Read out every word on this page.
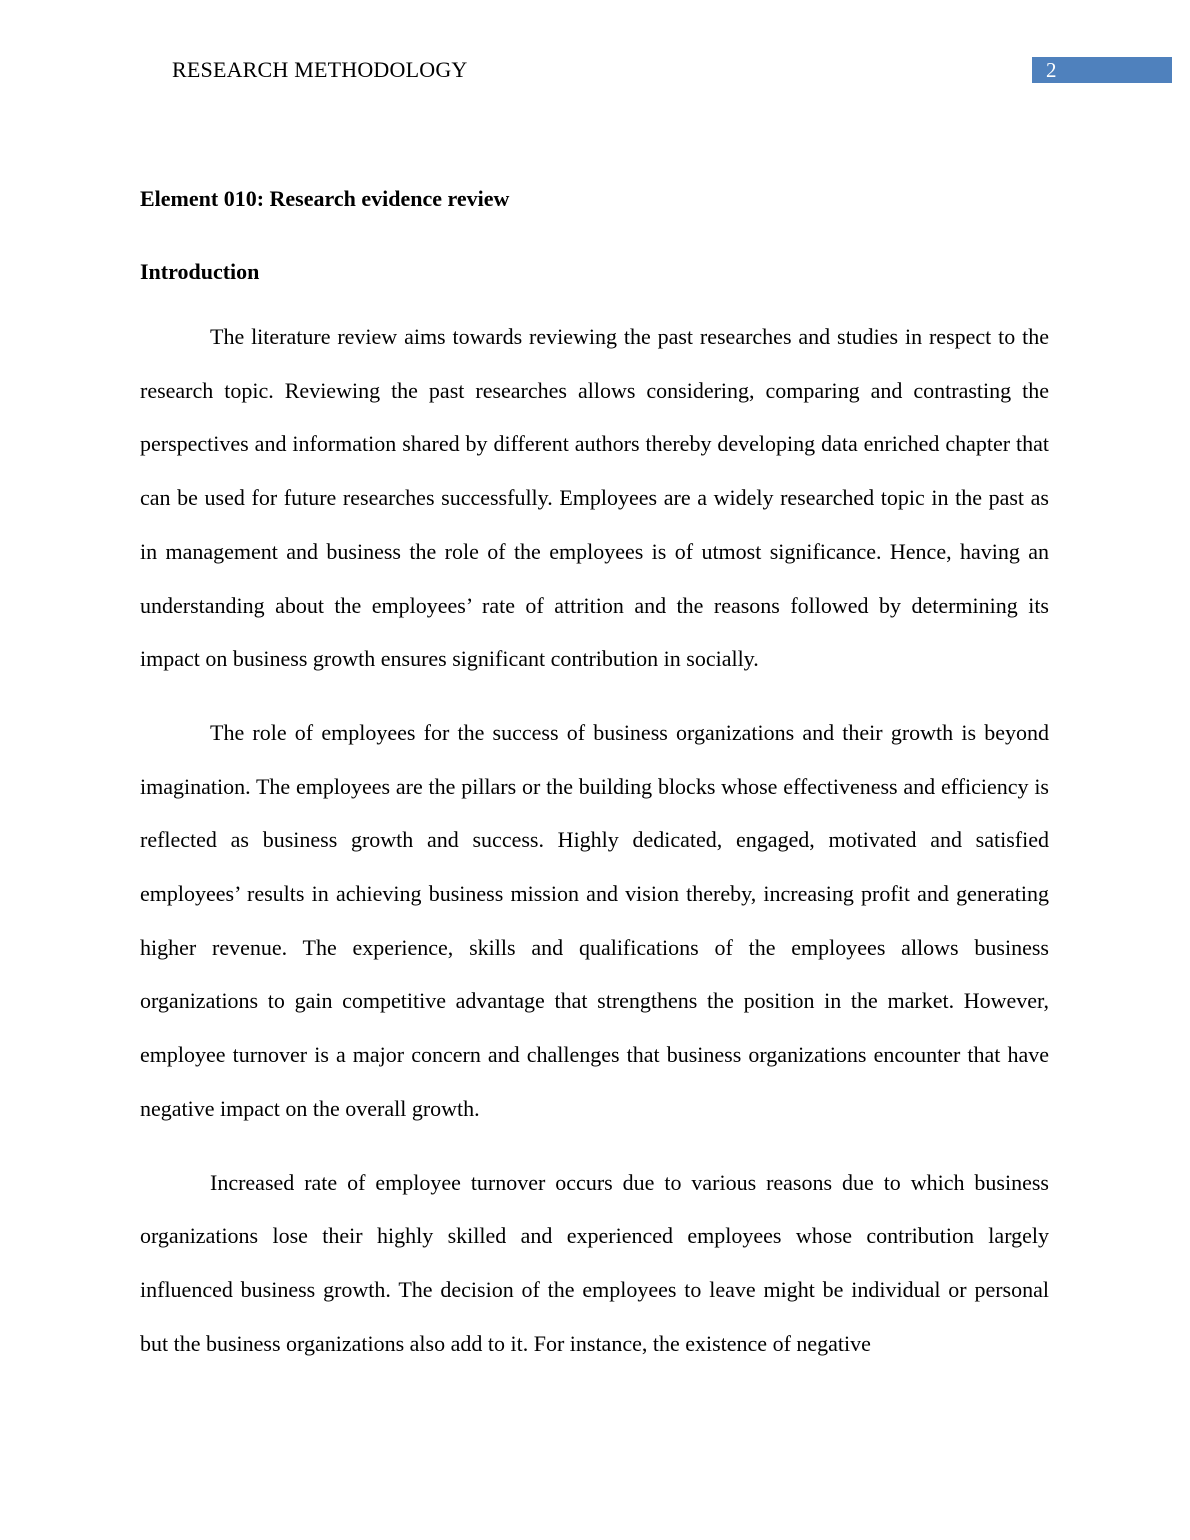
RESEARCH METHODOLOGY	2
Element 010: Research evidence review
Introduction

The literature review aims towards reviewing the past researches and studies in respect to the research topic. Reviewing the past researches allows considering, comparing and contrasting the perspectives and information shared by different authors thereby developing data enriched chapter that can be used for future researches successfully. Employees are a widely researched topic in the past as in management and business the role of the employees is of utmost significance. Hence, having an understanding about the employees’ rate of attrition and the reasons followed by determining its impact on business growth ensures significant contribution in socially.

The role of employees for the success of business organizations and their growth is beyond imagination. The employees are the pillars or the building blocks whose effectiveness and efficiency is reflected as business growth and success. Highly dedicated, engaged, motivated and satisfied employees’ results in achieving business mission and vision thereby, increasing profit and generating higher revenue. The experience, skills and qualifications of the employees allows business organizations to gain competitive advantage that strengthens the position in the market. However, employee turnover is a major concern and challenges that business organizations encounter that have negative impact on the overall growth.

Increased rate of employee turnover occurs due to various reasons due to which business organizations lose their highly skilled and experienced employees whose contribution largely influenced business growth. The decision of the employees to leave might be individual or personal but the business organizations also add to it. For instance, the existence of negative
